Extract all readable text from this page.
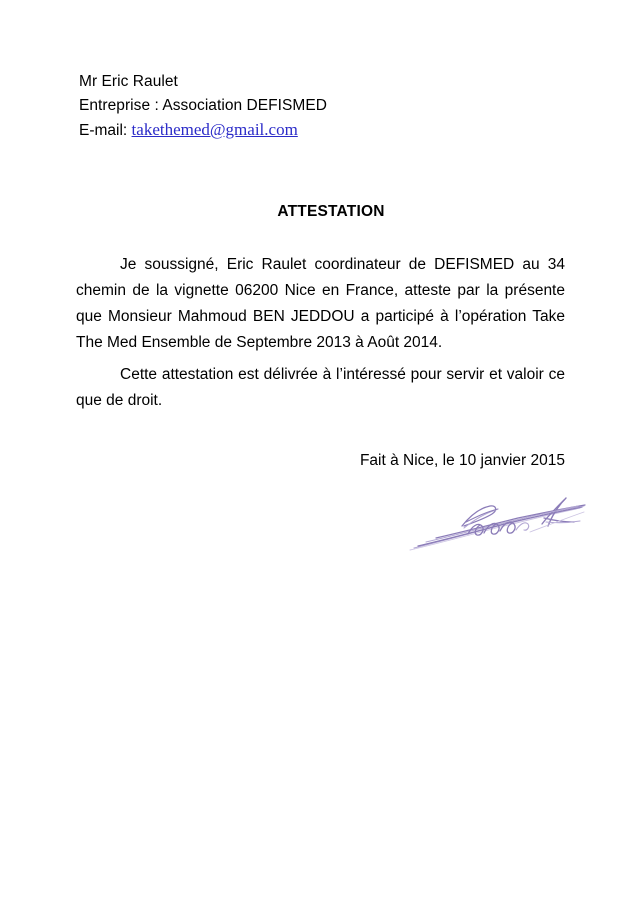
Mr Eric Raulet
Entreprise : Association DEFISMED
E-mail: takethemed@gmail.com
ATTESTATION

Je soussigné, Eric Raulet coordinateur de DEFISMED au 34 chemin de la vignette 06200 Nice en France, atteste par la présente que Monsieur Mahmoud BEN JEDDOU a participé à l’opération Take The Med Ensemble de Septembre 2013 à Août 2014.

Cette attestation est délivrée à l’intéressé pour servir et valoir ce que de droit.

Fait à Nice, le 10 janvier 2015
